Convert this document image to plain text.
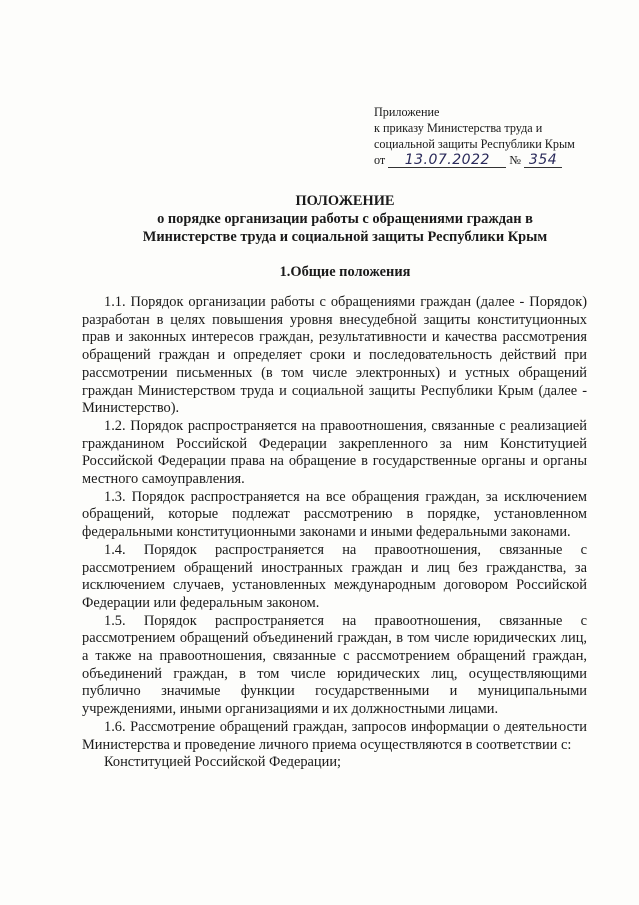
Приложение
к приказу Министерства труда и
социальной защиты Республики Крым
от 13.07.2022 № 354
ПОЛОЖЕНИЕ
о порядке организации работы с обращениями граждан в
Министерстве труда и социальной защиты Республики Крым
1.Общие положения

1.1. Порядок организации работы с обращениями граждан (далее - Порядок) разработан в целях повышения уровня внесудебной защиты конституционных прав и законных интересов граждан, результативности и качества рассмотрения обращений граждан и определяет сроки и последовательность действий при рассмотрении письменных (в том числе электронных) и устных обращений граждан Министерством труда и социальной защиты Республики Крым (далее - Министерство).

1.2. Порядок распространяется на правоотношения, связанные с реализацией гражданином Российской Федерации закрепленного за ним Конституцией Российской Федерации права на обращение в государственные органы и органы местного самоуправления.

1.3. Порядок распространяется на все обращения граждан, за исключением обращений, которые подлежат рассмотрению в порядке, установленном федеральными конституционными законами и иными федеральными законами.

1.4. Порядок распространяется на правоотношения, связанные с рассмотрением обращений иностранных граждан и лиц без гражданства, за исключением случаев, установленных международным договором Российской Федерации или федеральным законом.

1.5. Порядок распространяется на правоотношения, связанные с рассмотрением обращений объединений граждан, в том числе юридических лиц, а также на правоотношения, связанные с рассмотрением обращений граждан, объединений граждан, в том числе юридических лиц, осуществляющими публично значимые функции государственными и муниципальными учреждениями, иными организациями и их должностными лицами.

1.6. Рассмотрение обращений граждан, запросов информации о деятельности Министерства и проведение личного приема осуществляются в соответствии с:

Конституцией Российской Федерации;
